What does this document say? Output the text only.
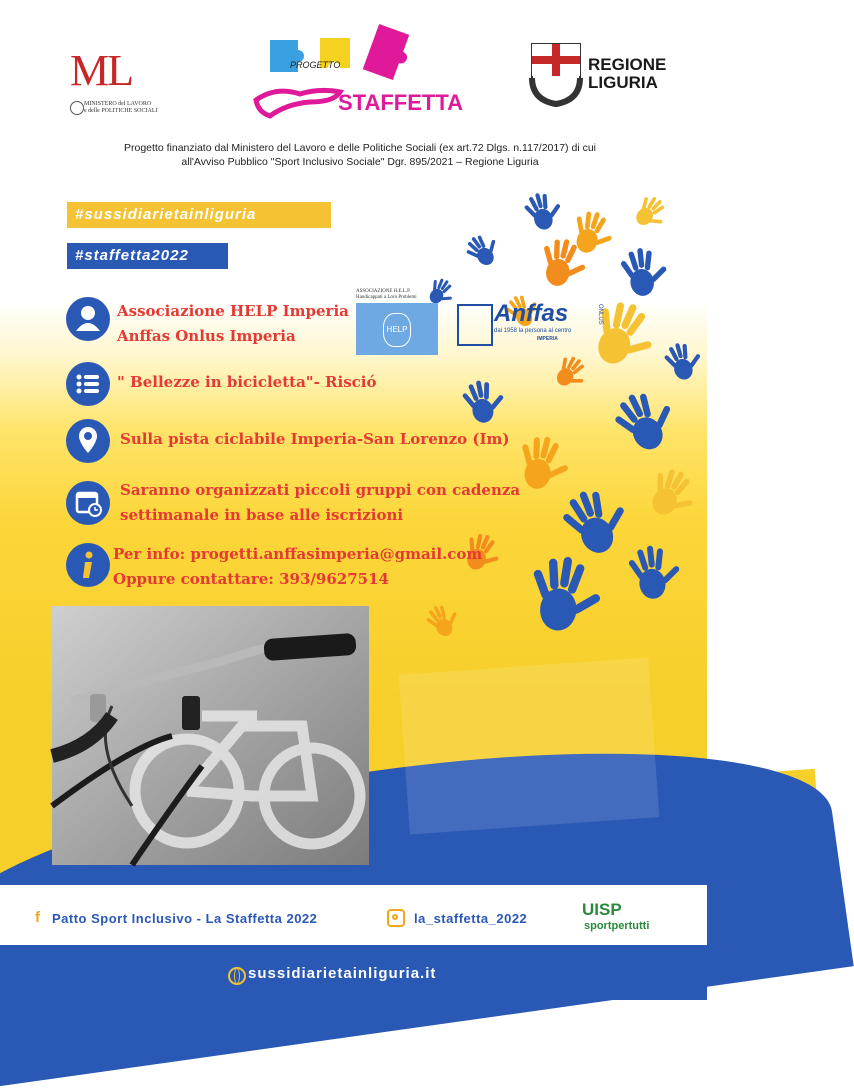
ML
MINISTERO del LAVORO
e delle POLITICHE SOCIALI
PROGETTO
STAFFETTA
REGIONE
LIGURIA
Progetto finanziato dal Ministero del Lavoro e delle Politiche Sociali (ex art.72 Dlgs. n.117/2017) di cui
all'Avviso Pubblico "Sport Inclusivo Sociale" Dgr. 895/2021 – Regione Liguria
#sussidiarietainliguria
#staffetta2022
Associazione HELP Imperia
Anffas Onlus Imperia
ASSOCIAZIONE H.E.L.P.
Handicappati a Loro Problemi
HELP
Anffas
dal 1958 la persona al centro
IMPERIA
ONLUS
" Bellezze in bicicletta"- Risció
Sulla pista ciclabile Imperia-San Lorenzo (Im)
Saranno organizzati piccoli gruppi con cadenza
settimanale in base alle iscrizioni
Per info: progetti.anffasimperia@gmail.com
Oppure contattare: 393/9627514
f Patto Sport Inclusivo - La Staffetta 2022	la_staffetta_2022	UISP
sportpertutti
sussidiarietainliguria.it
